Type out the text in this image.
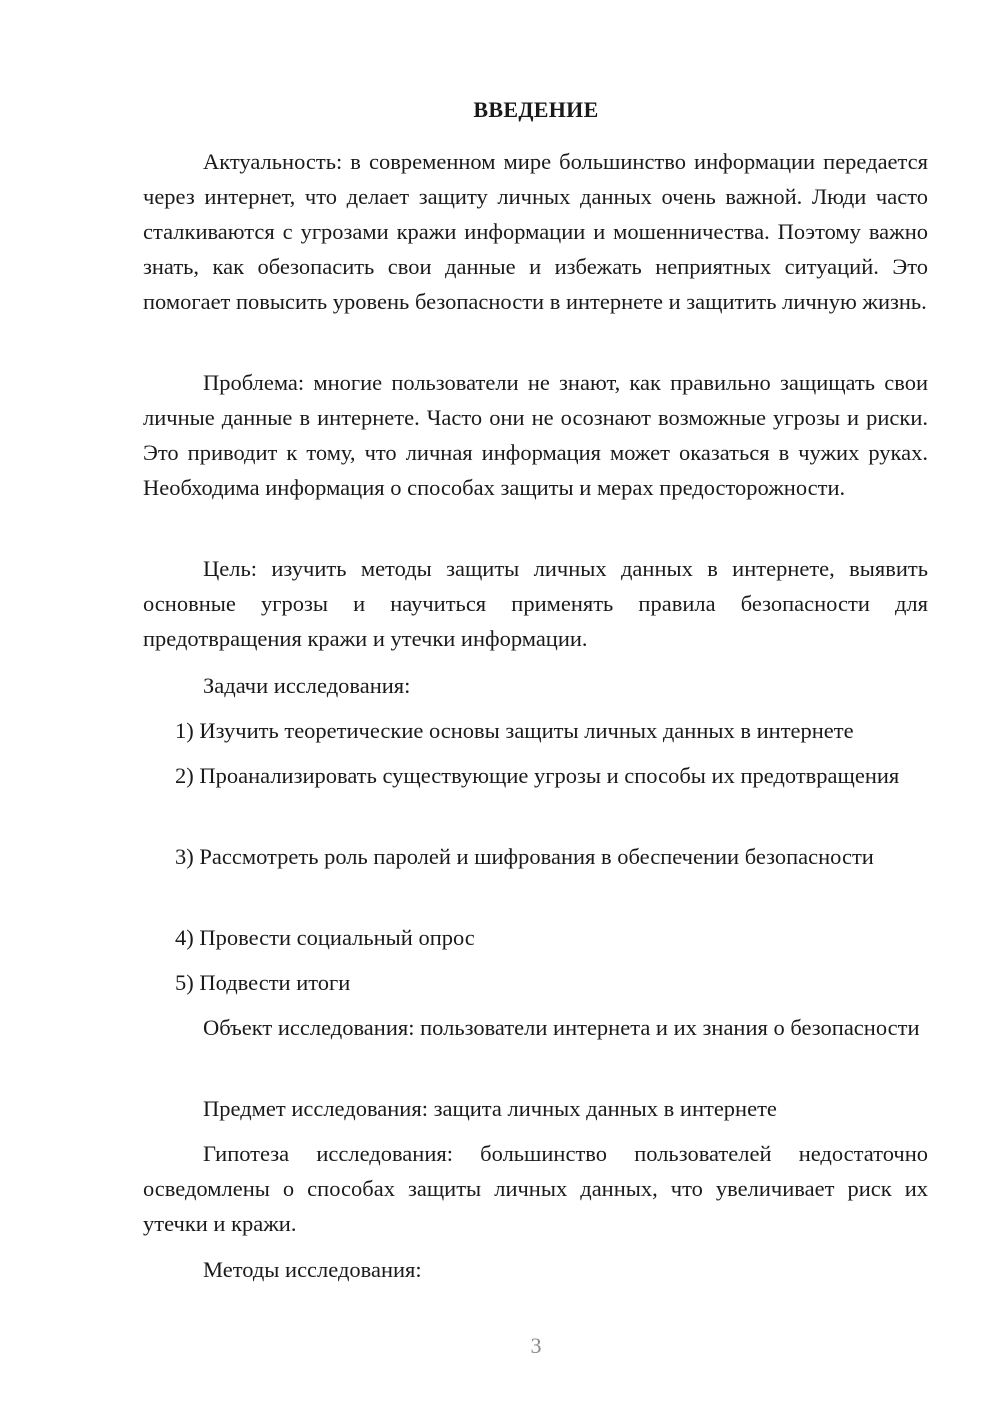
ВВЕДЕНИЕ

Актуальность: в современном мире большинство информации передается через интернет, что делает защиту личных данных очень важной. Люди часто сталкиваются с угрозами кражи информации и мошенничества. Поэтому важно знать, как обезопасить свои данные и избежать неприятных ситуаций. Это помогает повысить уровень безопасности в интернете и защитить личную жизнь.

Проблема: многие пользователи не знают, как правильно защищать свои личные данные в интернете. Часто они не осознают возможные угрозы и риски. Это приводит к тому, что личная информация может оказаться в чужих руках. Необходима информация о способах защиты и мерах предосторожности.

Цель: изучить методы защиты личных данных в интернете, выявить основные угрозы и научиться применять правила безопасности для предотвращения кражи и утечки информации.

Задачи исследования:

1) Изучить теоретические основы защиты личных данных в интернете

2) Проанализировать существующие угрозы и способы их предотвращения

3) Рассмотреть роль паролей и шифрования в обеспечении безопасности

4) Провести социальный опрос

5) Подвести итоги

Объект исследования: пользователи интернета и их знания о безопасности

Предмет исследования: защита личных данных в интернете

Гипотеза исследования: большинство пользователей недостаточно осведомлены о способах защиты личных данных, что увеличивает риск их утечки и кражи.

Методы исследования:

3
